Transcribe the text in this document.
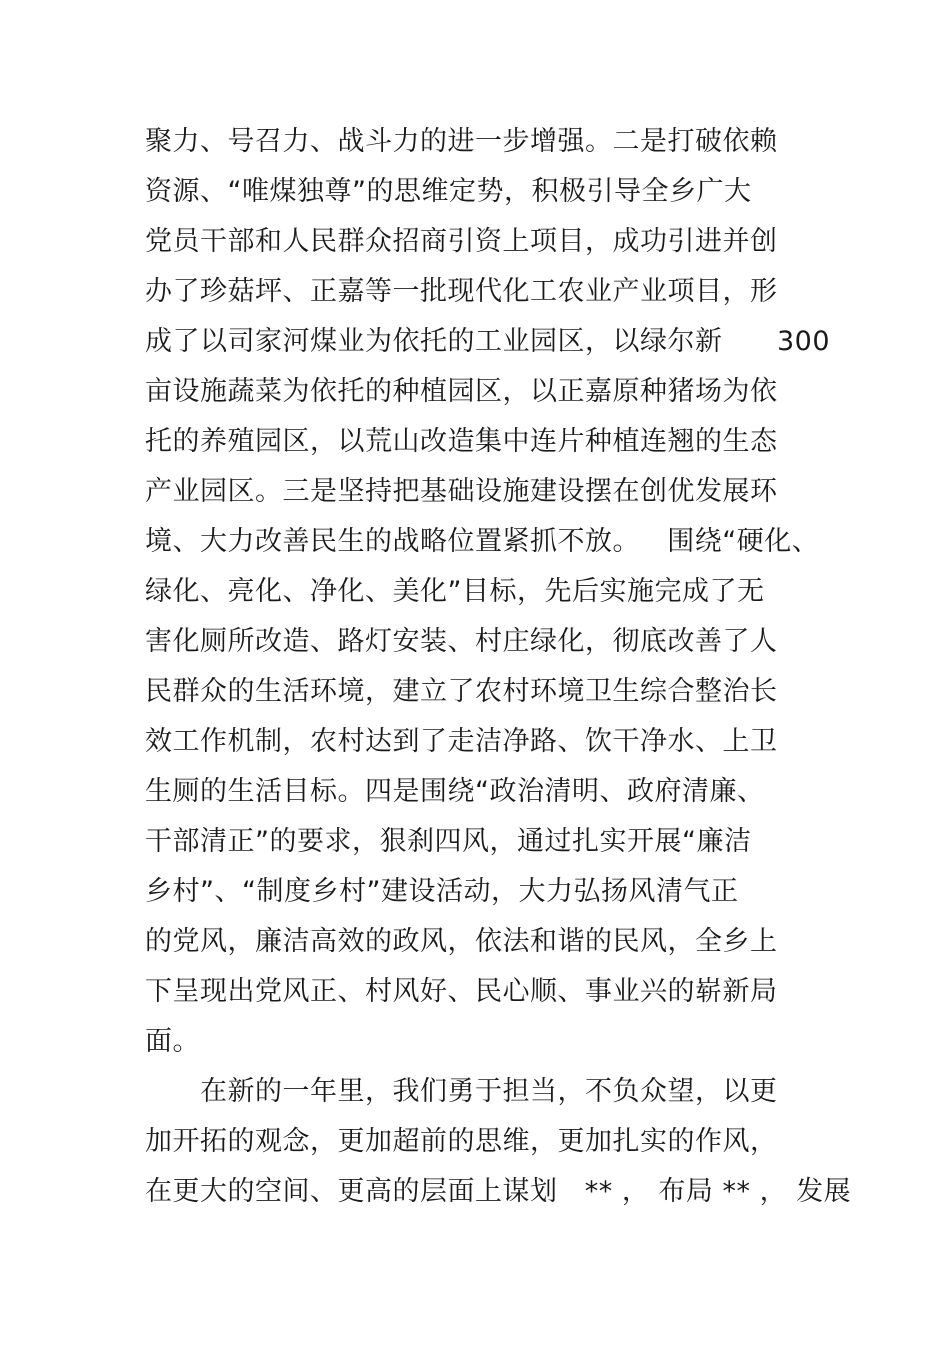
聚力、号召力、战斗力的进一步增强。二是打破依赖
资源、“唯煤独尊”的思维定势，积极引导全乡广大
党员干部和人民群众招商引资上项目，成功引进并创
办了珍菇坪、正嘉等一批现代化工农业产业项目，形
成了以司家河煤业为依托的工业园区，以绿尔新      300
亩设施蔬菜为依托的种植园区，以正嘉原种猪场为依
托的养殖园区，以荒山改造集中连片种植连翘的生态
产业园区。三是坚持把基础设施建设摆在创优发展环
境、大力改善民生的战略位置紧抓不放。   围绕“硬化、
绿化、亮化、净化、美化”目标，先后实施完成了无
害化厕所改造、路灯安装、村庄绿化，彻底改善了人
民群众的生活环境，建立了农村环境卫生综合整治长
效工作机制，农村达到了走洁净路、饮干净水、上卫
生厕的生活目标。四是围绕“政治清明、政府清廉、
干部清正”的要求，狠刹四风，通过扎实开展“廉洁
乡村”、“制度乡村”建设活动，大力弘扬风清气正
的党风，廉洁高效的政风，依法和谐的民风，全乡上
下呈现出党风正、村风好、民心顺、事业兴的崭新局
面。
在新的一年里，我们勇于担当，不负众望，以更
加开拓的观念，更加超前的思维，更加扎实的作风，
在更大的空间、更高的层面上谋划   ** ， 布局 ** ， 发展
